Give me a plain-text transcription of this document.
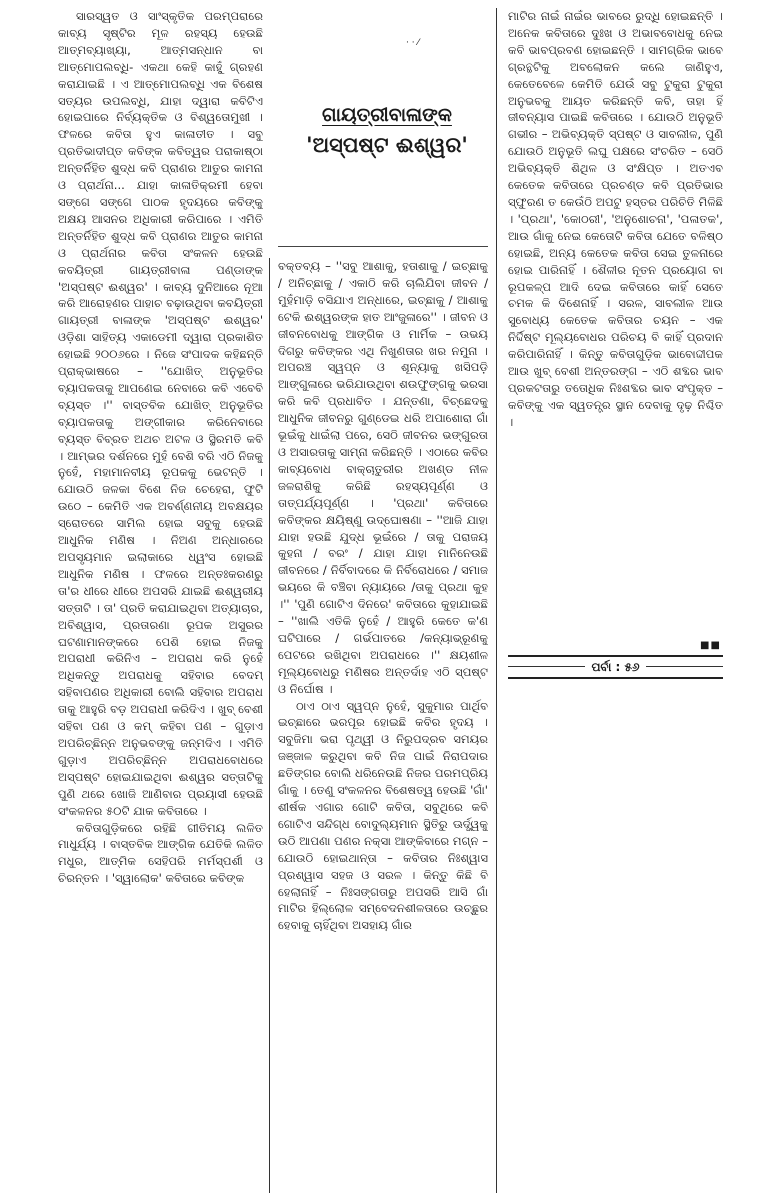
⋅ ⋅ ⁄
ଗାୟତ୍ରୀବାଳାଙ୍କ
'ଅସ୍ପଷ୍ଟ ଈଶ୍ୱର'

ସାରସ୍ୱତ ଓ ସାଂସ୍କୃତିକ ପରମ୍ପରାରେ କାବ୍ୟ ସୃଷ୍ଟିର ମୂଳ ରହସ୍ୟ ହେଉଛି ଆତ୍ମବ୍ୟାଖ୍ୟା, ଆତ୍ମସନ୍ଧାନ ବା ଆତ୍ମୋପଲବ୍ଧି- ଏକଥା କେହି କାହୁଁ ଗ୍ରହଣ କରାଯାଇଛି । ଏ ଆତ୍ମୋପଲବ୍ଧି ଏକ ବିଶେଷ ସତ୍ୟର ଉପଲବ୍ଧି, ଯାହା ଦ୍ୱାରା କବିଟିଏ ହୋଇପାରେ ନିର୍ବ୍ୟକ୍ତିକ ଓ ବିଶ୍ୱତୋମୁଖୀ । ଫଳରେ କବିତା ହୁଏ କାଳାତୀତ । ସବୁ ପ୍ରତିଭାଦୀପ୍ତ କବିଙ୍କ କବିତ୍ୱର ପରାକାଷ୍ଠା ଅନ୍ତର୍ନିହିତ ଶୁଦ୍ଧ କବି ପ୍ରାଣର ଆତୁର କାମନା ଓ ପ୍ରାର୍ଥନା... ଯାହା କାଳାତିକ୍ରମୀ ହେବା ସଙ୍ଗେ ସଙ୍ଗେ ପାଠକ ହୃଦୟରେ କବିଙ୍କୁ ଅକ୍ଷୟ ଆସନର ଅଧିକାରୀ କରିପାରେ । ଏମିତି ଅନ୍ତର୍ନିହିତ ଶୁଦ୍ଧ କବି ପ୍ରାଣର ଆତୁର କାମନା ଓ ପ୍ରାର୍ଥନାର କବିତା ସଂକଳନ ହେଉଛି କବୟିତ୍ରୀ ଗାୟତ୍ରୀବାଳା ପଣ୍ଡାଙ୍କ 'ଅସ୍ପଷ୍ଟ ଈଶ୍ୱର' । କାବ୍ୟ ଦୁନିଆରେ ନୂଆ କରି ଆରୋହଣର ପାହାଚ ବଢ଼ାଉଥିବା କବୟିତ୍ରୀ ଗାୟତ୍ରୀ ବାଳାଙ୍କ 'ଅସ୍ପଷ୍ଟ ଈଶ୍ୱର' ଓଡ଼ିଶା ସାହିତ୍ୟ ଏକାଡେମୀ ଦ୍ୱାରା ପ୍ରକାଶିତ ହୋଇଛି ୨୦୦୬ରେ । ନିଜେ ସଂପାଦକ କହିଛନ୍ତି ପ୍ରାକ୍‌ଭାଷରେ – ''ଯୋଖିତ୍ ଅନୁଭୂତିର ବ୍ୟାପକତାକୁ ଆପଣେଇ ନେବାରେ କବି ଏବେବି ବ୍ୟସ୍ତ ।'' ବାସ୍ତବିକ ଯୋଖିତ୍ ଅନୁଭୂତିର ବ୍ୟାପକତାକୁ ଅଙ୍ଗୀକାର କରିନେବାରେ ବ୍ୟସ୍ତ ବିବ୍ରତ ଅଥଚ ଅଟଳ ଓ ସ୍ଥିରମତି କବି । ଆମ୍ଭର ଦର୍ଶନରେ ମୁହଁ ବେଶି ବରି ଏଠି ନିଜକୁ ନୁହେଁ, ମହାମାନବୀୟ ରୂପକକୁ ଭେଟନ୍ତି । ଯୋଉଠି ଜଳକା ବିଶେ ନିଜ ଚେହେରା, ଫୁଟି ଉଠେ – କେମିତି ଏକ ଅବର୍ଣ୍ଣନୀୟ ଅବକ୍ଷୟର ସ୍ରୋତରେ ସାମିଲ ହୋଇ ସବୁକୁ ହେଉଛି ଆଧୁନିକ ମଣିଷ । ନିଅଣ ଅନ୍ଧାରରେ ଅପସୃୟମାନ ଇଲାକାରେ ଧ୍ୱଂସ ହୋଇଛି ଆଧୁନିକ ମଣିଷ । ଫଳରେ ଅନ୍ତଃକରଣରୁ ତା'ର ଧୀରେ ଧୀରେ ଅପସରି ଯାଇଛି ଈଶ୍ୱରୀୟ ସତ୍ତାଟି । ତା' ପ୍ରତି କରାଯାଇଥିବା ଅତ୍ୟାଚାର, ଅବିଶ୍ୱାସ, ପ୍ରତାରଣା ରୂପକ ଅସୁରର ଘଟଣାମାନଙ୍କରେ ପେଶି ହୋଇ ନିଜକୁ ଅପରାଧୀ କରିନିଏ – ଅପରାଧ କରି ନୁହେଁ ଅଧିକନ୍ତୁ ଅପରାଧକୁ ସହିବାର ବେଦମ୍ ସହିବାପଣର ଅଧିକାରୀ ବୋଲି ସହିବାର ଅପରାଧ ତାକୁ ଆହୁରି ବଡ଼ ଅପରାଧୀ କରିଦିଏ । ଖୁବ୍ ବେଶୀ ସହିବା ପଣ ଓ କମ୍ କହିବା ପଣ – ଗୁଡ଼ାଏ ଅପରିଚ୍ଛିନ୍ନ ଅନୁଭବଙ୍କୁ ଜନ୍ମଦିଏ । ଏମିତି ଗୁଡ଼ାଏ ଅପରିଚ୍ଛିନ୍ନ ଅପରାଧବୋଧରେ ଅସ୍ପଷ୍ଟ ହୋଇଯାଇଥିବା ଈଶ୍ୱର ସତ୍ତାଟିକୁ ପୁଣି ଥରେ ଖୋଜି ଆଣିବାର ପ୍ରୟାସୀ ହେଉଛି ସଂକଳନର ୫୦ଟି ଯାକ କବିତାରେ ।

କବିତାଗୁଡ଼ିକରେ ରହିଛି ଗୀତିମୟ ଲଳିତ ମାଧୁର୍ଯ୍ୟ । ବାସ୍ତବିକ ଆଙ୍ଗିକ ଯେତିକି ଲଳିତ ମଧୁର, ଆତ୍ମିକ ସେହିପରି ମର୍ମସ୍ପର୍ଶୀ ଓ ଚିରନ୍ତନ । 'ସ୍ୱାଲୋକ' କବିତାରେ କବିଙ୍କ

ବକ୍ତବ୍ୟ – ''ସବୁ ଆଶାକୁ, ହତାଶାକୁ / ଇଚ୍ଛାକୁ / ଅନିଚ୍ଛାକୁ / ଏକାଠି କରି ଚାଲିଯିବା ଜୀବନ / ମୁହଁମାଡ଼ି ବସିଯାଏ ଅନ୍ଧାରେ, ଇଚ୍ଛାକୁ / ଆଶାକୁ ଟେକି ଈଶ୍ୱରଙ୍କ ହାତ ଆଂଜୁଳାରେ'' । ଜୀବନ ଓ ଜୀବନବୋଧକୁ ଆଙ୍ଗିକ ଓ ମାର୍ମିକ – ଉଭୟ ଦିଗରୁ କବିଙ୍କର ଏଥି ନିଖୁଣତାର ଖର ନମୁନା । ଅପରଞ୍ଚ ସ୍ୱପ୍ନ ଓ ଶୂନ୍ୟାକୁ ଖସିପଡ଼ି ଆଙ୍ଗୁଳାରେ ଭରିଯାଉଥିବା ଶଉଫୁଙ୍ଗକୁ ଭରସା କରି କବି ପ୍ରଧାବିତ । ଯନ୍ତଣା, ବିଚ୍ଛେଦକୁ ଆଧୁନିକ ଜୀବନରୁ ଗୁଣ୍ଡେଇ ଧରି ଅପାଶୋରା ଗାଁ ଭୂଇଁକୁ ଧାଇଁଲା ପରେ, ସେଠି ଜୀବନର ଭଙ୍ଗୁରତା ଓ ଅସାରତାକୁ ସାମ୍ନା କରିଛନ୍ତି । ଏଠାରେ କବିର କାବ୍ୟବୋଧ ବାକ୍‌ଚାତୁରୀର ଅଖଣ୍ଡ ନୀଳ ଜଳରାଶିକୁ କରିଛି ରହସ୍ୟପୂର୍ଣ୍ଣ ଓ ତାତ୍ପର୍ଯ୍ୟପୂର୍ଣ୍ଣ । 'ପ୍ରଥା' କବିତାରେ କବିଙ୍କର କ୍ଷୟିଷ୍ଣୁ ଉଦ୍‌ଘୋଷଣା – ''ଆଜି ଯାହା ଯାହା ହଉଛି ଯୁଦ୍ଧ ଭୂଇଁରେ / ତାକୁ ପରାଜୟ କୁହନା / ବରଂ / ଯାହା ଯାହା ମାନିନେଉଛି ଜୀବନରେ / ନିର୍ବିବାଦରେ କି ନିର୍ବିରୋଧରେ / ସମାଜ ଭୟରେ କି ବଞ୍ଚିବା ନ୍ୟାୟରେ /ତାକୁ ପ୍ରଥା କୁହ ।'' 'ପୁଣି ଗୋଟିଏ ଦିନରେ' କବିତାରେ କୁହାଯାଇଛି – ''ଖାଲି ଏତିକି ନୁହେଁ / ଆହୁରି କେତେ କ'ଣ ଘଟିପାରେ / ଗର୍ଭପାତରେ /କନ୍ୟାଭ୍ରୂଣକୁ ପେଟରେ ରଖିଥିବା ଅପରାଧରେ ।'' କ୍ଷୟଶୀଳ ମୂଲ୍ୟବୋଧରୁ ମଣିଷର ଅନ୍ତର୍ଦାହ ଏଠି ସ୍ପଷ୍ଟ ଓ ନିର୍ଘୋଷ ।

ଠାଏ ଠାଏ ସ୍ୱପ୍ନ ନୁହେଁ, ସୁକୁମାର ପାର୍ଥିବ ଇଚ୍ଛାରେ ଭରପୂର ହୋଇଛି କବିର ହୃଦୟ । ସବୁଜିମା ଭରା ପୃଥ୍ୱୀ ଓ ନିରୁପଦ୍ରବ ସମୟର ଜଞ୍ଜାଳ କରୁଥିବା କବି ନିଜ ପାଇଁ ନିରାପଦାର ଛତିଙ୍ଗର ବୋଲି ଧରିନେଉଛି ନିଜର ପରମପ୍ରିୟ ଗାଁକୁ । ତେଣୁ ସଂକଳନର ବିଶେଷତ୍ୱ ହେଉଛି 'ଗାଁ' ଶୀର୍ଷକ ଏଗାର ଗୋଟି କବିତା, ସବୁଥିରେ କବି ଗୋଟିଏ ସନ୍ଦିଗ୍ଧ ବୋଦୁଲ୍ୟମାନ ସ୍ଥିତିରୁ ଊର୍ଦ୍ଧ୍ୱକୁ ଉଠି ଆପଣା ପଣର ନକ୍ସା ଆଙ୍କିବାରେ ମଗ୍ନ – ଯୋଉଠି ହୋଇଥାନ୍ତା – କବିତାର ନିଃଶ୍ୱାସ ପ୍ରଶ୍ୱାସ ସହଜ ଓ ସରଳ । କିନ୍ତୁ କିଛି ବି ହେଲାନାହିଁ – ନିଃସଙ୍ଗତାରୁ ଅପସରି ଆସି ଗାଁ ମାଟିର ହିଲ୍ଲୋଳ ସମ୍ବେଦନଶୀଳତାରେ ଉଚ୍ଛୁର ହେବାକୁ ଚାହିଁଥିବା ଅସହାୟ ଗାଁର

ମାଟିର ନାଇଁ ନାଇଁର ଭାବରେ ରୁଦ୍ଧି ହୋଇଛନ୍ତି । ଅନେକ କବିତାରେ ଦୁଃଖ ଓ ଅଭାବବୋଧକୁ ନେଇ କବି ଭାବପ୍ରବଣ ହୋଇଛନ୍ତି । ସାମଗ୍ରିକ ଭାବେ ଗ୍ରନ୍ଥଟିକୁ ଅବଲୋକନ କଲେ ଜାଣିହୁଏ, କେତେବେଳେ କେମିତି ଯେଉଁ ସବୁ ଟୁକୁରା ଟୁକୁରା ଅନୁଭବକୁ ଆୟତ କରିଛନ୍ତି କବି, ତାହା ହିଁ ଜୀବନ୍ୟାସ ପାଇଛି କବିତାରେ । ଯୋଉଠି ଅନୁଭୂତି ଗଭୀର – ଅଭିବ୍ୟକ୍ତି ସ୍ପଷ୍ଟ ଓ ସାବଲୀଳ, ପୁଣି ଯୋଉଠି ଅନୁଭୂତି ଲଘୁ ପକ୍ଷରେ ସଂଚରିତ – ସେଠି ଅଭିବ୍ୟକ୍ତି ଶିଥିଳ ଓ ସଂକ୍ଷିପ୍ତ । ଅତଏବ କେତେକ କବିତାରେ ପ୍ରଚଣ୍ଡ କବି ପ୍ରତିଭାର ସ୍ଫୁରଣ ତ କେଉଁଠି ଅପଟୁ ହସ୍ତର ପରିଚିତି ମିଳିଛି । 'ପ୍ରଥା', 'କୋଠରୀ', 'ଅନୁଶୋଚନା', 'ପଳାତକ', ଆଉ ଗାଁକୁ ନେଇ କେତୋଟି କବିତା ଯେତେ ବଳିଷ୍ଠ ହୋଇଛି, ଅନ୍ୟ କେତେକ କବିତା ସେଇ ତୁଳନାରେ ହୋଇ ପାରିନାହିଁ । ଶୈଳୀର ନୂତନ ପ୍ରୟୋଗ ବା ରୂପକଳ୍ପ ଆଦି ଦେଇ କବିତାରେ କାହିଁ ସେତେ ଚମକ କି ଦିଶେନାହିଁ । ସରଳ, ସାବଲୀଳ ଆଉ ସୁବୋଧ୍ୟ କେତେକ କବିତାର ଚୟନ – ଏକ ନିର୍ଦ୍ଦିଷ୍ଟ ମୂଲ୍ୟବୋଧର ପରିଚୟ ବି କାହିଁ ପ୍ରଦାନ କରିପାରିନାହିଁ । କିନ୍ତୁ କବିତାଗୁଡ଼ିକ ଭାବୋଦ୍ଦୀପକ ଆଉ ଖୁବ୍ ବେଶୀ ଅନ୍ତରଙ୍ଗ – ଏଠି ଶବ୍ଦର ଭାବ ପ୍ରକଟତାରୁ ତତୋଧିକ ନିଃଶବ୍ଦର ଭାବ ସଂପୃକ୍ତ – କବିଙ୍କୁ ଏକ ସ୍ୱତନ୍ତ୍ର ସ୍ଥାନ ଦେବାକୁ ଦୃଢ଼ ନିଶ୍ଚିତ ।

■■
ପର୍ବା : ୫୬
